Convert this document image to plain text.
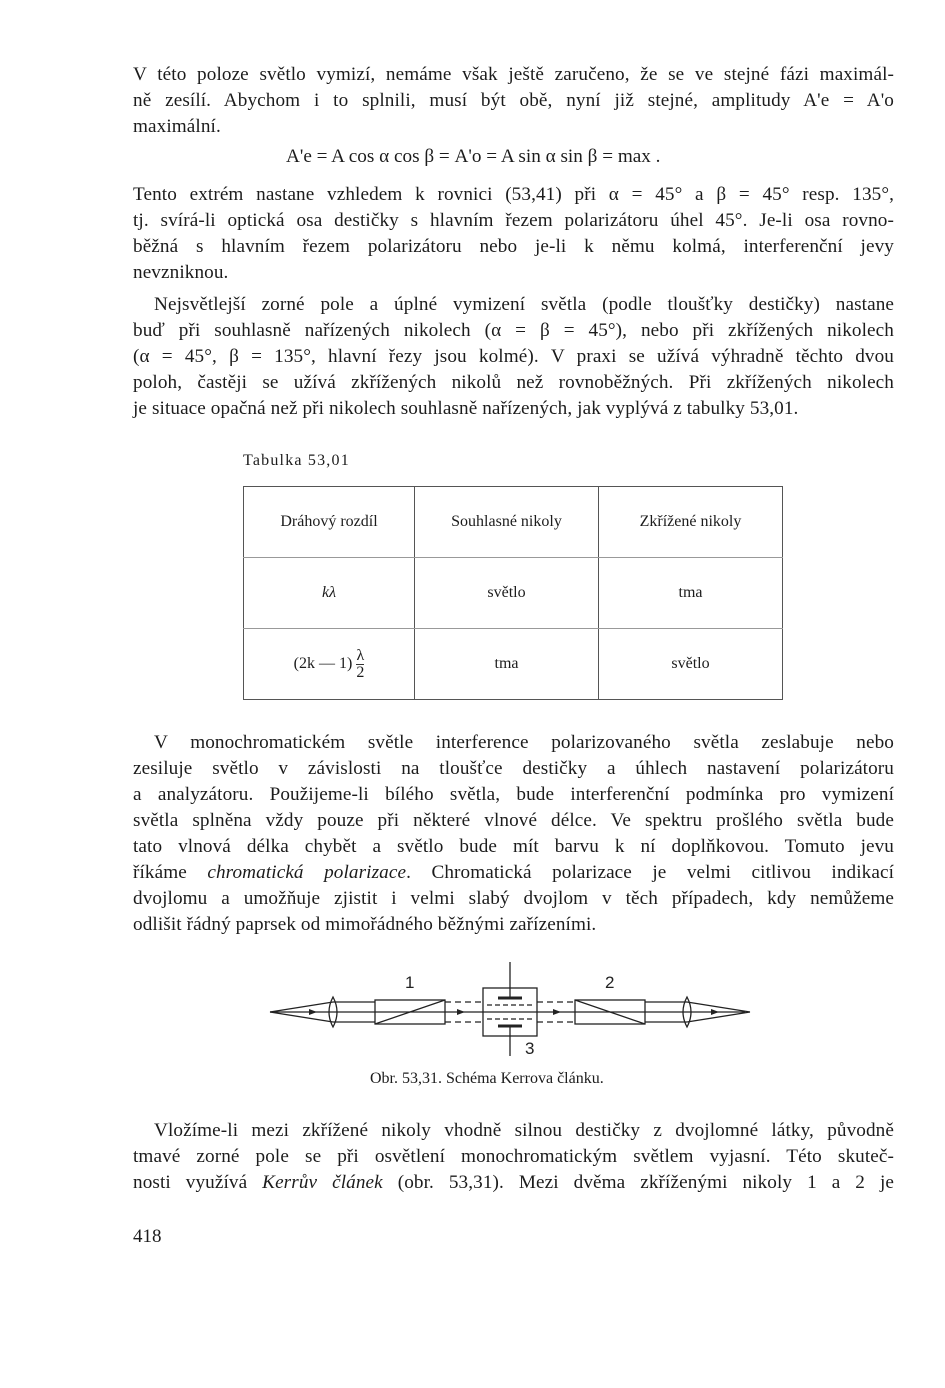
V této poloze světlo vymizí, nemáme však ještě zaručeno, že se ve stejné fázi maximál-
ně zesílí. Abychom i to splnili, musí být obě, nyní již stejné, amplitudy A'e = A'o
maximální.

A'e = A cos α cos β = A'o = A sin α sin β = max .

Tento extrém nastane vzhledem k rovnici (53,41) při α = 45° a β = 45° resp. 135°,
tj. svírá-li optická osa destičky s hlavním řezem polarizátoru úhel 45°. Je-li osa rovno-
běžná s hlavním řezem polarizátoru nebo je-li k němu kolmá, interferenční jevy
nevzniknou.

Nejsvětlejší zorné pole a úplné vymizení světla (podle tloušťky destičky) nastane
buď při souhlasně nařízených nikolech (α = β = 45°), nebo při zkřížených nikolech
(α = 45°, β = 135°, hlavní řezy jsou kolmé). V praxi se užívá výhradně těchto dvou
poloh, častěji se užívá zkřížených nikolů než rovnoběžných. Při zkřížených nikolech
je situace opačná než při nikolech souhlasně nařízených, jak vyplývá z tabulky 53,01.

Tabulka 53,01
Dráhový rozdíl	Souhlasné nikoly	Zkřížené nikoly
kλ	světlo	tma
(2k — $1) \frac{\lambda}{2}$	tma	světlo

V monochromatickém světle interference polarizovaného světla zeslabuje nebo
zesiluje světlo v závislosti na tloušťce destičky a úhlech nastavení polarizátoru
a analyzátoru. Použijeme-li bílého světla, bude interferenční podmínka pro vymizení
světla splněna vždy pouze při některé vlnové délce. Ve spektru prošlého světla bude
tato vlnová délka chybět a světlo bude mít barvu k ní doplňkovou. Tomuto jevu
říkáme chromatická polarizace. Chromatická polarizace je velmi citlivou indikací
dvojlomu a umožňuje zjistit i velmi slabý dvojlom v těch případech, kdy nemůžeme
odlišit řádný paprsek od mimořádného běžnými zařízeními.

1	2
3
Obr. 53,31. Schéma Kerrova článku.

Vložíme-li mezi zkřížené nikoly vhodně silnou destičky z dvojlomné látky, původně
tmavé zorné pole se při osvětlení monochromatickým světlem vyjasní. Této skuteč-
nosti využívá Kerrův článek (obr. 53,31). Mezi dvěma zkříženými nikoly 1 a 2 je

418
